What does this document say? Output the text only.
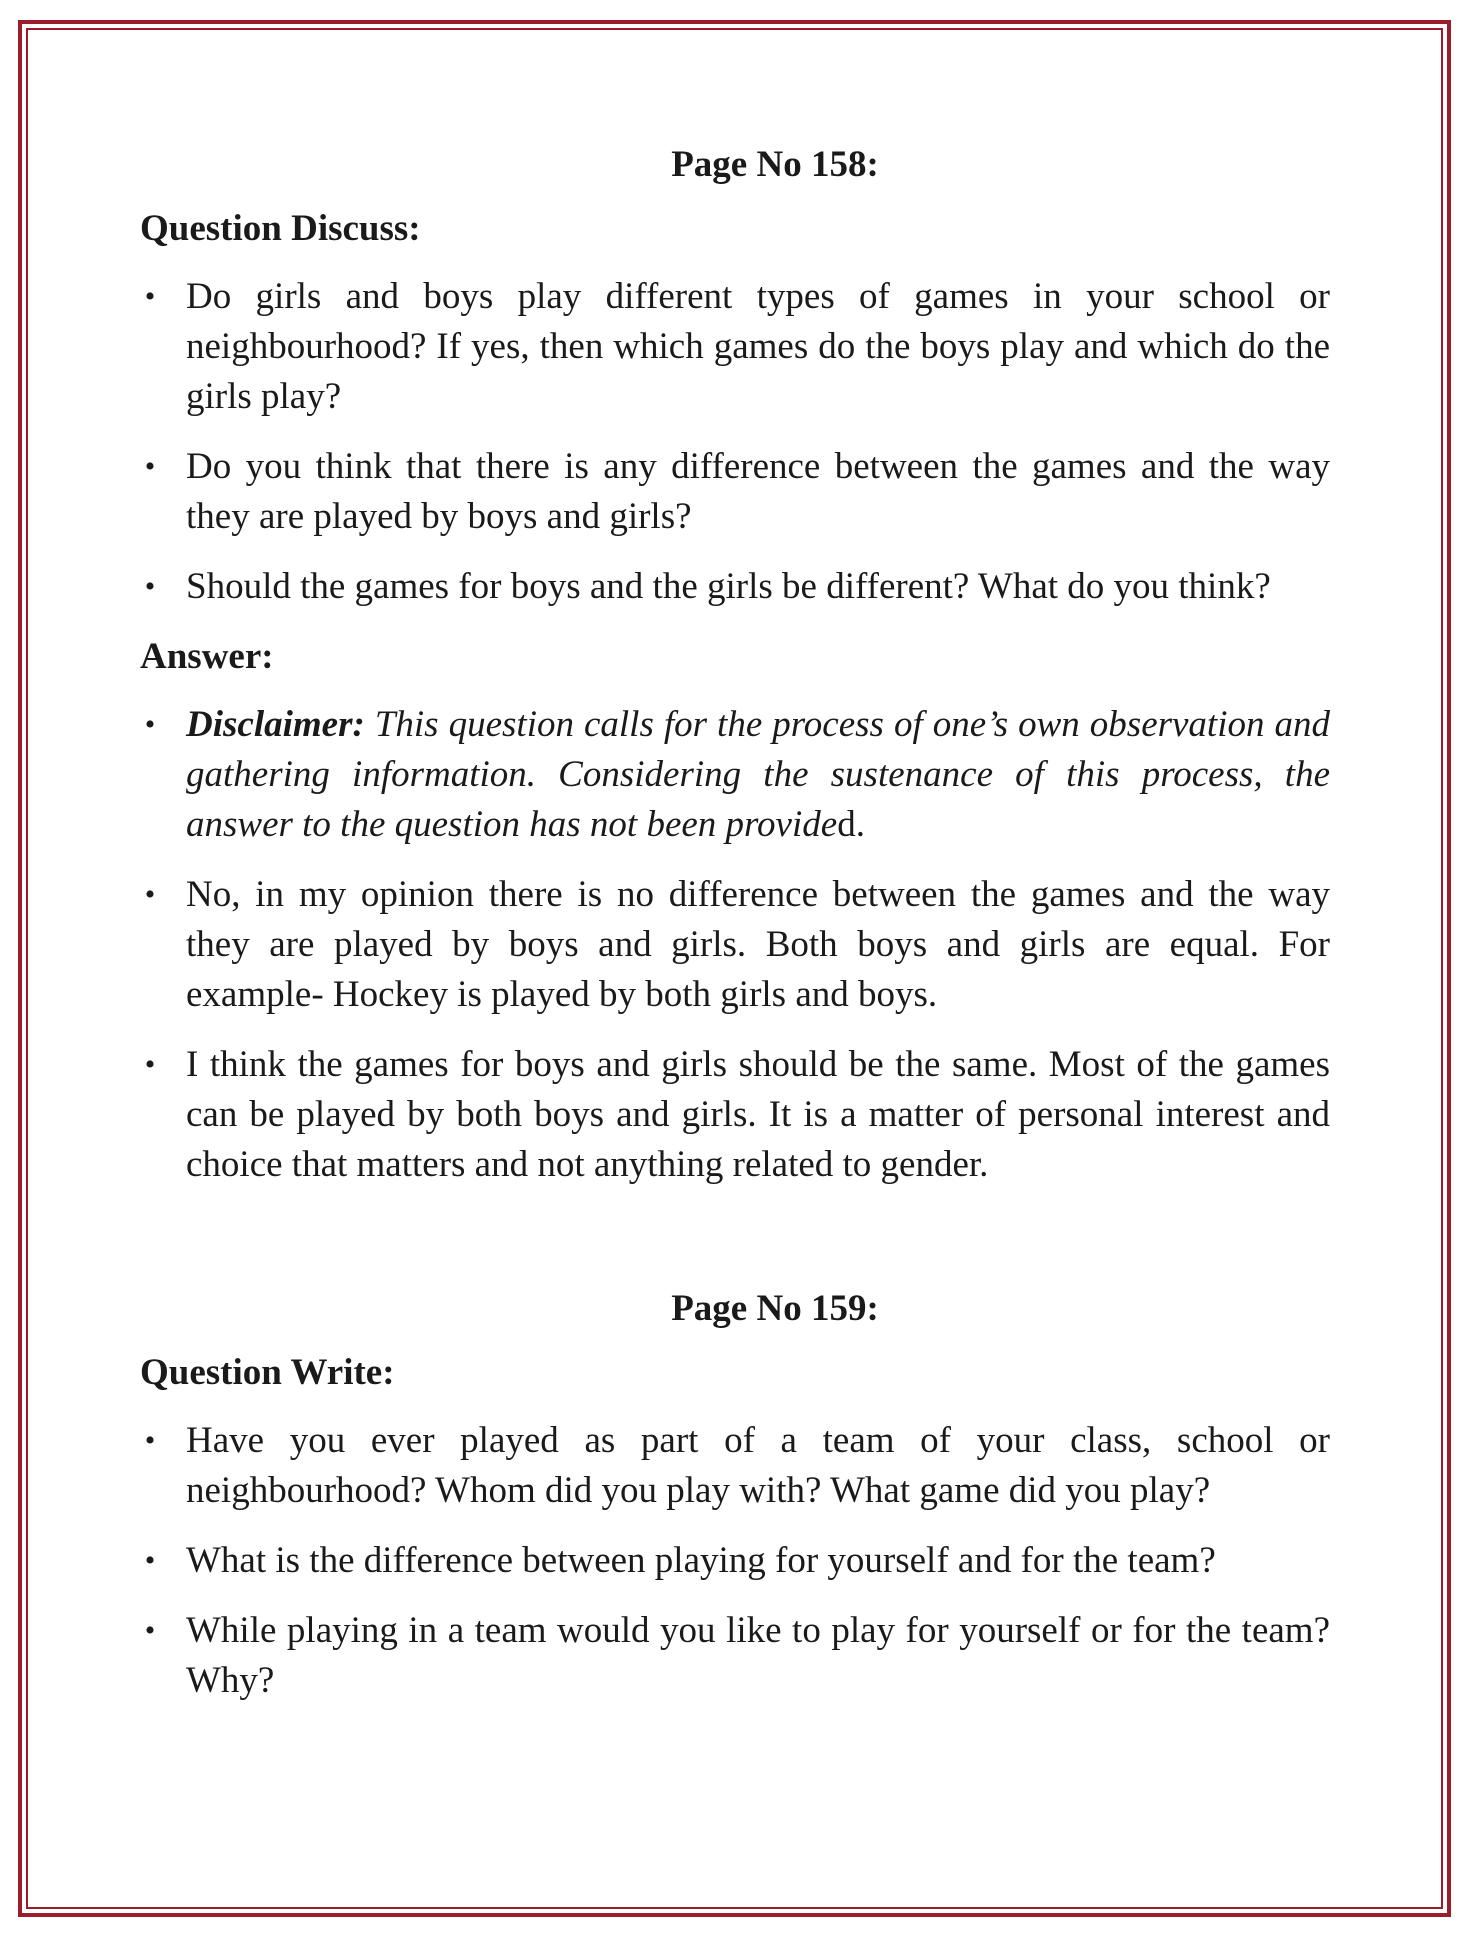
Page No 158:
Question Discuss:
• Do girls and boys play different types of games in your school or neighbourhood? If yes, then which games do the boys play and which do the girls play?
• Do you think that there is any difference between the games and the way they are played by boys and girls?
• Should the games for boys and the girls be different? What do you think?
Answer:
• Disclaimer: This question calls for the process of one’s own observation and gathering information. Considering the sustenance of this process, the answer to the question has not been provided.
• No, in my opinion there is no difference between the games and the way they are played by boys and girls. Both boys and girls are equal. For example- Hockey is played by both girls and boys.
• I think the games for boys and girls should be the same. Most of the games can be played by both boys and girls. It is a matter of personal interest and choice that matters and not anything related to gender.
Page No 159:
Question Write:
• Have you ever played as part of a team of your class, school or neighbourhood? Whom did you play with? What game did you play?
• What is the difference between playing for yourself and for the team?
• While playing in a team would you like to play for yourself or for the team? Why?
